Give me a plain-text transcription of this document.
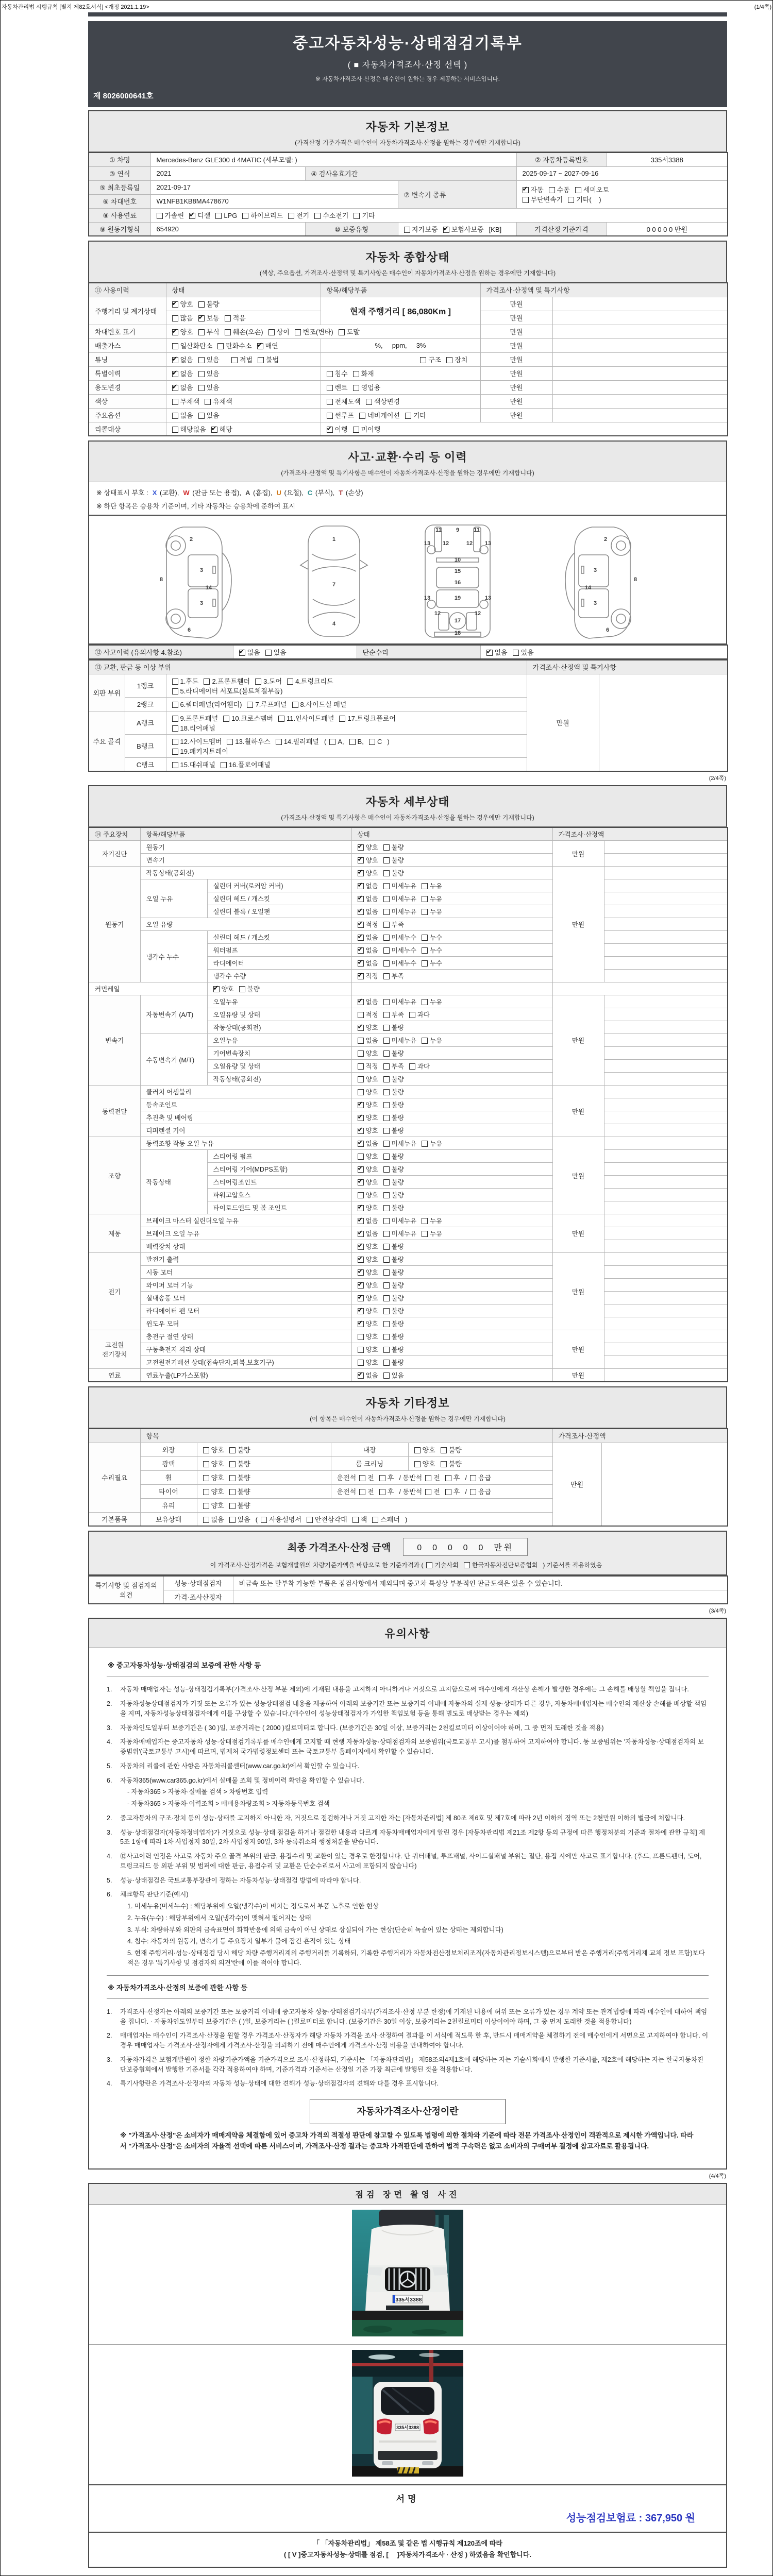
자동차관리법 시행규칙 [별지 제82호서식] <개정 2021.1.19>	(1/4쪽)
중고자동차성능·상태점검기록부
( ■ 자동차가격조사·산정 선택 )
※ 자동차가격조사·산정은 매수인이 원하는 경우 제공하는 서비스입니다.
제 8026000641호
자동차 기본정보
(가격산정 기준가격은 매수인이 자동차가격조사·산정을 원하는 경우에만 기재합니다)
① 차명	Mercedes-Benz GLE300 d 4MATIC (세부모델: )			② 자동차등록번호	335서3388
③ 연식	2021	④ 검사유효기간		2025-09-17 ~ 2027-09-16	
⑤ 최초등록일	2021-09-17		⑦ 변속기 종류	✔자동 수동 세미오토
무단변속기 기타(    )
⑥ 차대번호	W1NFB1KB8MA478670				
⑧ 사용연료	가솔린 ✔ 디젤 LPG 하이브리드 전기 수소전기 기타
⑨ 원동기형식	654920	⑩ 보증유형	자가보증 ✔ 보험사보증 [KB]	가격산정 기준가격	0 0 0 0 0 만원
자동차 종합상태
(색상, 주요옵션, 가격조사·산정액 및 특기사항은 매수인이 자동차가격조사·산정을 원하는 경우에만 기재합니다)
⑪ 사용이력	상태	항목/해당부품	가격조사·산정액 및 특기사항	
주행거리 및 계기상태	✔양호 불량	현재 주행거리 [ 86,080Km ]	만원	
	많음 ✔ 보통 적음		만원	
차대번호 표기	✔양호 부식 훼손(오손) 상이 변조(변타) 도말		만원	
배출가스	일산화탄소 탄화수소 ✔ 매연	%,     ppm,     3%	만원	
튜닝	✔없음 있음 적법 불법	구조 장치	만원	
특별이력	✔없음 있음	침수 화재	만원	
용도변경	✔없음 있음	렌트 영업용	만원	
색상	무채색 유채색	전체도색 색상변경	만원	
주요옵션	없음 있음	썬루프 네비게이션 기타	만원	
리콜대상	해당없음 ✔ 해당	✔이행 미이행
사고·교환·수리 등 이력
(가격조사·산정액 및 특기사항은 매수인이 자동차가격조사·산정을 원하는 경우에만 기재합니다)
※ 상태표시 부호 : X (교환), W (판금 또는 용접), A (흠집), U (요철), C (부식), T (손상)
※ 하단 항목은 승용차 기준이며, 기타 자동차는 승용차에 준하여 표시
2
8
3
14
3
6
1
7
4
11	9	11
13 12	12 13
10
15
16
13	19	13
12
17
12
18
2
8
3
14
3
6
⑫ 사고이력 (유의사항 4.참조)	✔없음 있음	단순수리	✔없음 있음
⑬ 교환, 판금 등 이상 부위			가격조사·산정액 및 특기사항	
외판 부위	1랭크	1.후드 2.프론트휀더 3.도어 4.트렁크리드
5.라디에이터 서포트(볼트체결부품)	만원	
	2랭크	6.쿼터패널(리어휀더) 7.루프패널 8.사이드실 패널		
주요 골격	A랭크	9.프론트패널 10.크로스멤버 11.인사이드패널 17.트렁크플로어
18.리어패널		
	B랭크	12.사이드멤버 13.휠하우스 14.필러패널 ( A, B, C )
19.패키지트레이		
	C랭크	15.대쉬패널 16.플로어패널		
(2/4쪽)
자동차 세부상태
(가격조사·산정액 및 특기사항은 매수인이 자동차가격조사·산정을 원하는 경우에만 기재합니다)
⑭ 주요장치	항목/해당부품		상태	가격조사·산정액	
자기진단	원동기	✔양호 불량	만원	
	변속기	✔양호 불량	
원동기	작동상태(공회전)	✔양호 불량	만원	
	오일 누유	실린더 커버(로커암 커버)	✔없음 미세누유 누유	
		실린더 헤드 / 개스킷	✔없음 미세누유 누유	
		실린더 블록 / 오일팬	✔없음 미세누유 누유	
	오일 유량	✔적정 부족	
	냉각수 누수	실린더 헤드 / 개스킷	✔없음 미세누수 누수	
		워터펌프	✔없음 미세누수 누수	
		라디에이터	✔없음 미세누수 누수	
		냉각수 수량	✔적정 부족	
커먼레일	✔양호 불량	
변속기	자동변속기 (A/T)	오일누유	✔없음 미세누유 누유	만원	
		오일유량 및 상태	적정 부족 과다		
		작동상태(공회전)	✔양호 불량	
	수동변속기 (M/T)	오일누유	없음 미세누유 누유		
		기어변속장치	양호 불량		
		오일유량 및 상태	적정 부족 과다		
		작동상태(공회전)	양호 불량		
동력전달	클러치 어셈블리		양호 불량	만원	
	등속조인트	✔양호 불량	
	추진축 및 베어링	✔양호 불량	
	디퍼렌셜 기어	✔양호 불량	
조향	동력조향 작동 오일 누유	✔없음 미세누유 누유	만원	
	작동상태	스티어링 펌프	양호 불량		
		스티어링 기어(MDPS포함)	✔양호 불량	
		스티어링조인트	✔양호 불량	
		파워고압호스	양호 불량		
		타이로드엔드 및 볼 조인트	✔양호 불량	
제동	브레이크 마스터 실린더오일 누유	✔없음 미세누유 누유	만원	
	브레이크 오일 누유	✔없음 미세누유 누유	
	배력장치 상태	✔양호 불량	
전기	발전기 출력	✔양호 불량	만원	
	시동 모터	✔양호 불량	
	와이퍼 모터 기능	✔양호 불량	
	실내송풍 모터	✔양호 불량	
	라디에이터 팬 모터	✔양호 불량	
	윈도우 모터	✔양호 불량	
고전원 전기장치	충전구 절연 상태		양호 불량	만원	
	구동축전지 격리 상태		양호 불량		
	고전원전기배선 상태(접속단자,피복,보호기구)		양호 불량		
연료	연료누출(LP가스포함)	✔없음 있음	만원	
자동차 기타정보
(이 항목은 매수인이 자동차가격조사·산정을 원하는 경우에만 기재합니다)
	항목				가격조사·산정액	
수리필요	외장	양호 불량	내장	양호 불량	만원	
	광택	양호 불량	룸 크리닝	양호 불량		
	휠	양호 불량	운전석 전 후 / 동반석 전 후 / 응급			
	타이어	양호 불량	운전석 전 후 / 동반석 전 후 / 응급			
	유리	양호 불량				
기본품목	보유상태	없음 있음 ( 사용설명서 안전삼각대 잭 스패너 )				
최종 가격조사·산정 금액	0  0  0  0  0  만원
이 가격조사·산정가격은 보험개발원의 차량기준가액을 바탕으로 한 기준가격과 ( 기술사회 한국자동차진단보증협회 ) 기준서를 적용하였음
특기사항 및 점검자의 의견	성능·상태점검자	비금속 또는 탈부착 가능한 부품은 점검사항에서 제외되며 중고차 특성상 부분적인 판금도색은 있을 수 있습니다.
	가격·조사산정자	
(3/4쪽)
유의사항
※ 중고자동차성능·상태점검의 보증에 관한 사항 등
1.	자동차 매매업자는 성능·상태점검기록부(가격조사·산정 부분 제외)에 기재된 내용을 고지하지 아니하거나 거짓으로 고지함으로써 매수인에게 재산상 손해가 발생한 경우에는 그 손해를 배상할 책임을 집니다.
2.	자동차성능상태점검자가 거짓 또는 오류가 있는 성능상태점검 내용을 제공하여 아래의 보증기간 또는 보증거리 이내에 자동차의 실제 성능·상태가 다른 경우, 자동차매매업자는 매수인의 재산상 손해를 배상할 책임을 지며, 자동차성능상태점검자에게 이를 구상할 수 있습니다.(매수인이 성능상태점검자가 가입한 책임보험 등을 통해 별도로 배상받는 경우는 제외)
3.	자동차인도일부터 보증기간은 ( 30 )일, 보증거리는 ( 2000 )킬로미터로 합니다. (보증기간은 30일 이상, 보증거리는 2천킬로미터 이상이어야 하며, 그 중 먼저 도래한 것을 적용)
4.	자동차매매업자는 중고자동차 성능·상태점검기록부를 매수인에게 고지할 때 현행 자동차성능·상태점검자의 보증범위(국토교통부 고시)를 첨부하여 고지하여야 합니다. 동 보증범위는 '자동차성능·상태점검자의 보증범위'(국토교통부 고시)에 따르며, 법제처 국가법령정보센터 또는 국토교통부 홈페이지에서 확인할 수 있습니다.
5.	자동차의 리콜에 관한 사항은 자동차리콜센터(www.car.go.kr)에서 확인할 수 있습니다.
6.	자동차365(www.car365.go.kr)에서 실매물 조회 및 정비이력 확인을 확인할 수 있습니다.
- 자동차365 > 자동차·실매물 검색 > 차량번호 입력
- 자동차365 > 자동차·이력조회 > 매매용차량조회 > 자동차등록번호 검색
2.	중고자동차의 구조·장치 등의 성능·상태를 고지하지 아니한 자, 거짓으로 점검하거나 거짓 고지한 자는 [자동차관리법] 제 80조 제6호 및 제7호에 따라 2년 이하의 징역 또는 2천만원 이하의 벌금에 처합니다.
3.	성능·상태점검자(자동차정비업자)가 거짓으로 성능·상태 점검을 하거나 점검한 내용과 다르게 자동차매매업자에게 알린 경우 [자동차관리법 제21조 제2항 등의 규정에 따른 행정처분의 기준과 절차에 관한 규칙] 제5조 1항에 따라 1차 사업정지 30일, 2차 사업정지 90일, 3차 등록취소의 행정처분을 받습니다.
4.	⑫사고이력 인정은 사고로 자동차 주요 골격 부위의 판금, 용접수리 및 교환이 있는 경우로 한정합니다. 단 쿼터패널, 루프패널, 사이드실패널 부위는 절단, 용접 시에만 사고로 표기합니다. (후드, 프론트펜더, 도어, 트렁크리드 등 외판 부위 및 범퍼에 대한 판금, 용접수리 및 교환은 단순수리로서 사고에 포함되지 않습니다)
5.	성능·상태점검은 국토교통부장관이 정하는 자동차성능·상태점검 방법에 따라야 합니다.
6.	체크항목 판단기준(예시)
1. 미세누유(미세누수) : 해당부위에 오일(냉각수)이 비치는 정도로서 부품 노후로 인한 현상
2. 누유(누수) : 해당부위에서 오일(냉각수)이 맺혀서 떨어지는 상태
3. 부식: 차량하부와 외판의 금속표면이 화학반응에 의해 금속이 아닌 상태로 상실되어 가는 현상(단순히 녹슬어 있는 상태는 제외합니다)
4. 침수: 자동차의 원동기, 변속기 등 주요장치 일부가 물에 잠긴 흔적이 있는 상태
5. 현재 주행거리·성능·상태점검 당시 해당 차량 주행거리계의 주행거리를 기록하되, 기록한 주행거리가 자동차전산정보처리조직(자동차관리정보시스템)으로부터 받은 주행거리(주행거리계 교체 정보 포함)보다 적은 경우 '특기사항 및 점검자의 의견'란에 이를 적어야 합니다.
※ 자동차가격조사·산정의 보증에 관한 사항 등
1.	가격조사·산정자는 아래의 보증기간 또는 보증거리 이내에 중고자동차 성능·상태점검기록부(가격조사·산정 부분 한정)에 기재된 내용에 허위 또는 오류가 있는 경우 계약 또는 관계법령에 따라 매수인에 대하여 책임을 집니다. · 자동차인도일부터 보증기간은 ( )일, 보증거리는 ( )킬로미터로 합니다. (보증기간은 30일 이상, 보증거리는 2천킬로미터 이상이어야 하며, 그 중 먼저 도래한 것을 적용합니다)
2.	매매업자는 매수인이 가격조사·산정을 원할 경우 가격조사·산정자가 해당 자동차 가격을 조사·산정하여 결과를 이 서식에 적도록 한 후, 반드시 매매계약을 체결하기 전에 매수인에게 서면으로 고지하여야 합니다. 이 경우 매매업자는 가격조사·산정자에게 가격조사·산정을 의뢰하기 전에 매수인에게 가격조사·산정 비용을 안내하여야 합니다.
3.	자동차가격은 보험개발원이 정한 차량기준가액을 기준가격으로 조사·산정하되, 기준서는 「자동차관리법」 제58조의4제1호에 해당하는 자는 기술사회에서 발행한 기준서를, 제2호에 해당하는 자는 한국자동차진단보증협회에서 발행한 기준서를 각각 적용하여야 하며, 기준가격과 기준서는 산정일 기준 가장 최근에 발행된 것을 적용합니다.
4.	특기사항란은 가격조사·산정자의 자동차 성능·상태에 대한 견해가 성능·상태점검자의 견해와 다를 경우 표시합니다.
자동차가격조사·산정이란
※ "가격조사·산정"은 소비자가 매매계약을 체결함에 있어 중고차 가격의 적절성 판단에 참고할 수 있도록 법령에 의한 절차와 기준에 따라 전문 가격조사·산정인이 객관적으로 제시한 가액입니다. 따라서 "가격조사·산정"은 소비자의 자율적 선택에 따른 서비스이며, 가격조사·산정 결과는 중고차 가격판단에 관하여 법적 구속력은 없고 소비자의 구매여부 결정에 참고자료로 활용됩니다.
(4/4쪽)
점검 장면 촬영 사진
335서3388
335서3388
서명
성능점검보험료 : 367,950 원
「 「자동차관리법」 제58조 및 같은 법 시행규칙 제120조에 따라
( [ V ]중고자동차성능·상태를 점검, [　 ]자동차가격조사 · 산정 ) 하였음을 확인합니다.
